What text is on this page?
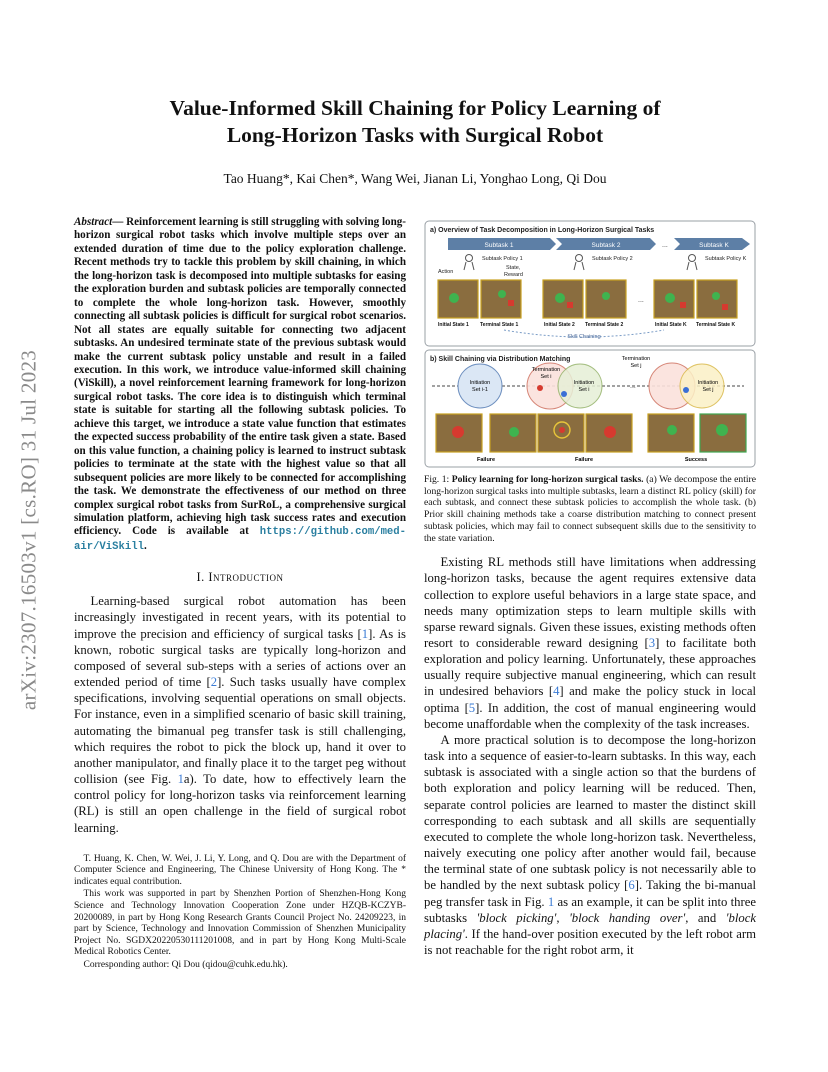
arXiv:2307.16503v1 [cs.RO] 31 Jul 2023
Value-Informed Skill Chaining for Policy Learning of
Long-Horizon Tasks with Surgical Robot
Tao Huang*, Kai Chen*, Wang Wei, Jianan Li, Yonghao Long, Qi Dou
Abstract— Reinforcement learning is still struggling with solving long-horizon surgical robot tasks which involve multiple steps over an extended duration of time due to the policy exploration challenge. Recent methods try to tackle this problem by skill chaining, in which the long-horizon task is decomposed into multiple subtasks for easing the exploration burden and subtask policies are temporally connected to complete the whole long-horizon task. However, smoothly connecting all subtask policies is difficult for surgical robot scenarios. Not all states are equally suitable for connecting two adjacent subtasks. An undesired terminate state of the previous subtask would make the current subtask policy unstable and result in a failed execution. In this work, we introduce value-informed skill chaining (ViSkill), a novel reinforcement learning framework for long-horizon surgical robot tasks. The core idea is to distinguish which terminal state is suitable for starting all the following subtask policies. To achieve this target, we introduce a state value function that estimates the expected success probability of the entire task given a state. Based on this value function, a chaining policy is learned to instruct subtask policies to terminate at the state with the highest value so that all subsequent policies are more likely to be connected for accomplishing the task. We demonstrate the effectiveness of our method on three complex surgical robot tasks from SurRoL, a comprehensive surgical simulation platform, achieving high task success rates and execution efficiency. Code is available at https://github.com/med-air/ViSkill.
I. Introduction

Learning-based surgical robot automation has been increasingly investigated in recent years, with its potential to improve the precision and efficiency of surgical tasks [1]. As is known, robotic surgical tasks are typically long-horizon and composed of several sub-steps with a series of actions over an extended period of time [2]. Such tasks usually have complex specifications, involving sequential operations on small objects. For instance, even in a simplified scenario of basic skill training, automating the bimanual peg transfer task is still challenging, which requires the robot to pick the block up, hand it over to another manipulator, and finally place it to the target peg without collision (see Fig. 1a). To date, how to effectively learn the control policy for long-horizon tasks via reinforcement learning (RL) is still an open challenge in the field of surgical robot learning.

T. Huang, K. Chen, W. Wei, J. Li, Y. Long, and Q. Dou are with the Department of Computer Science and Engineering, The Chinese University of Hong Kong. The * indicates equal contribution.

This work was supported in part by Shenzhen Portion of Shenzhen-Hong Kong Science and Technology Innovation Cooperation Zone under HZQB-KCZYB-20200089, in part by Hong Kong Research Grants Council Project No. 24209223, in part by Science, Technology and Innovation Commission of Shenzhen Municipality Project No. SGDX20220530111201008, and in part by Hong Kong Multi-Scale Medical Robotics Center.

Corresponding author: Qi Dou (qidou@cuhk.edu.hk).

a) Overview of Task Decomposition in Long-Horizon Surgical Tasks
Subtask 1	Subtask 2	...	Subtask K
Subtask Policy 1	Subtask Policy 2	Subtask Policy K
Action
State,
Reward
...
Initial State 1 Terminal State 1	Initial State 2 Terminal State 2	Initial State K Terminal State K
Skill Chaining
b) Skill Chaining via Distribution Matching
Initiation
Set i-1
Termination
Set i
Initiation
Set i	...
Termination
Set j
Initiation
Set j
Failure	Failure	Success
Fig. 1: Policy learning for long-horizon surgical tasks. (a) We decompose the entire long-horizon surgical tasks into multiple subtasks, learn a distinct RL policy (skill) for each subtask, and connect these subtask policies to accomplish the whole task. (b) Prior skill chaining methods take a coarse distribution matching to connect present subtask policies, which may fail to connect subsequent skills due to the sensitivity to the state variation.

Existing RL methods still have limitations when addressing long-horizon tasks, because the agent requires extensive data collection to explore useful behaviors in a large state space, and needs many optimization steps to learn multiple skills with sparse reward signals. Given these issues, existing methods often resort to considerable reward designing [3] to facilitate both exploration and policy learning. Unfortunately, these approaches usually require subjective manual engineering, which can result in undesired behaviors [4] and make the policy stuck in local optima [5]. In addition, the cost of manual engineering would become unaffordable when the complexity of the task increases.

A more practical solution is to decompose the long-horizon task into a sequence of easier-to-learn subtasks. In this way, each subtask is associated with a single action so that the burdens of both exploration and policy learning will be reduced. Then, separate control policies are learned to master the distinct skill corresponding to each subtask and all skills are sequentially executed to complete the whole long-horizon task. Nevertheless, naively executing one policy after another would fail, because the terminal state of one subtask policy is not necessarily able to be handled by the next subtask policy [6]. Taking the bi-manual peg transfer task in Fig. 1 as an example, it can be split into three subtasks 'block picking', 'block handing over', and 'block placing'. If the hand-over position executed by the left robot arm is not reachable for the right robot arm, it
